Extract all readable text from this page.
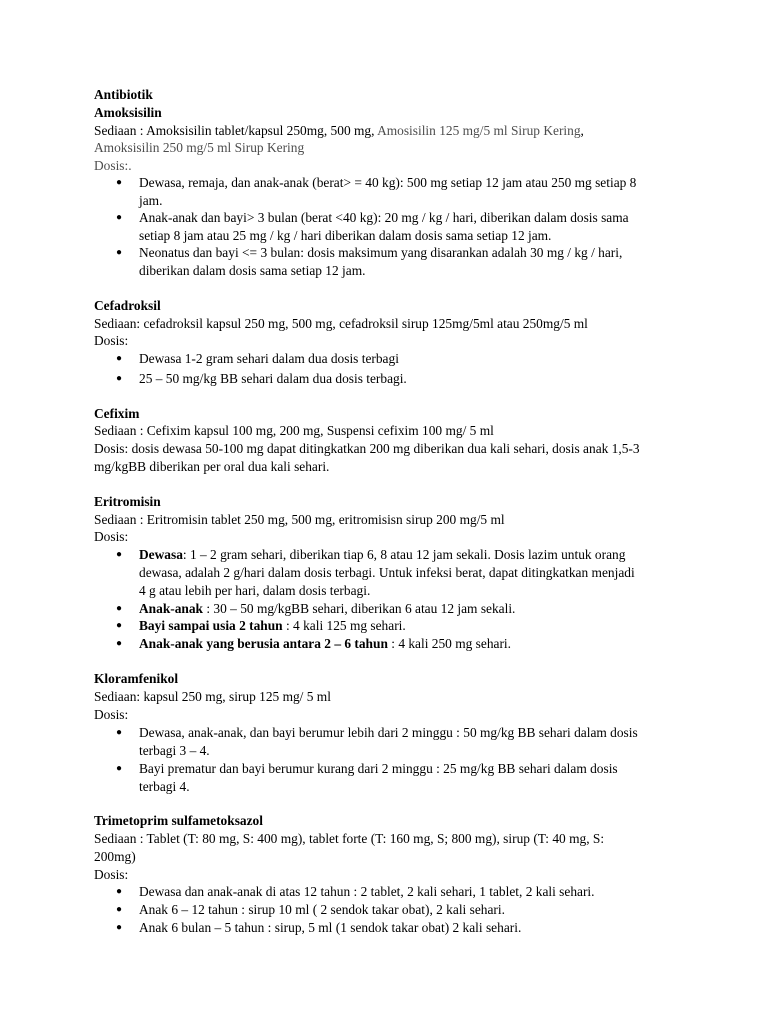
Antibiotik
Amoksisilin
Sediaan : Amoksisilin tablet/kapsul 250mg, 500 mg, Amosisilin 125 mg/5 ml Sirup Kering,
Amoksisilin 250 mg/5 ml Sirup Kering
Dosis:.
● Dewasa, remaja, dan anak-anak (berat> = 40 kg): 500 mg setiap 12 jam atau 250 mg setiap 8
jam.
● Anak-anak dan bayi> 3 bulan (berat <40 kg): 20 mg / kg / hari, diberikan dalam dosis sama
setiap 8 jam atau 25 mg / kg / hari diberikan dalam dosis sama setiap 12 jam.
● Neonatus dan bayi <= 3 bulan: dosis maksimum yang disarankan adalah 30 mg / kg / hari,
diberikan dalam dosis sama setiap 12 jam.
Cefadroksil
Sediaan: cefadroksil kapsul 250 mg, 500 mg, cefadroksil sirup 125mg/5ml atau 250mg/5 ml
Dosis:
● Dewasa 1-2 gram sehari dalam dua dosis terbagi
● 25 – 50 mg/kg BB sehari dalam dua dosis terbagi.
Cefixim
Sediaan : Cefixim kapsul 100 mg, 200 mg, Suspensi cefixim 100 mg/ 5 ml
Dosis: dosis dewasa 50-100 mg dapat ditingkatkan 200 mg diberikan dua kali sehari, dosis anak 1,5-3
mg/kgBB diberikan per oral dua kali sehari.
Eritromisin
Sediaan : Eritromisin tablet 250 mg, 500 mg, eritromisisn sirup 200 mg/5 ml
Dosis:
● Dewasa: 1 – 2 gram sehari, diberikan tiap 6, 8 atau 12 jam sekali. Dosis lazim untuk orang
dewasa, adalah 2 g/hari dalam dosis terbagi. Untuk infeksi berat, dapat ditingkatkan menjadi
4 g atau lebih per hari, dalam dosis terbagi.
● Anak-anak : 30 – 50 mg/kgBB sehari, diberikan 6 atau 12 jam sekali.
● Bayi sampai usia 2 tahun : 4 kali 125 mg sehari.
● Anak-anak yang berusia antara 2 – 6 tahun : 4 kali 250 mg sehari.
Kloramfenikol
Sediaan: kapsul 250 mg, sirup 125 mg/ 5 ml
Dosis:
● Dewasa, anak-anak, dan bayi berumur lebih dari 2 minggu : 50 mg/kg BB sehari dalam dosis
terbagi 3 – 4.
● Bayi prematur dan bayi berumur kurang dari 2 minggu : 25 mg/kg BB sehari dalam dosis
terbagi 4.
Trimetoprim sulfametoksazol
Sediaan : Tablet (T: 80 mg, S: 400 mg), tablet forte (T: 160 mg, S; 800 mg), sirup (T: 40 mg, S:
200mg)
Dosis:
● Dewasa dan anak-anak di atas 12 tahun : 2 tablet, 2 kali sehari, 1 tablet, 2 kali sehari.
● Anak 6 – 12 tahun : sirup 10 ml ( 2 sendok takar obat), 2 kali sehari.
● Anak 6 bulan – 5 tahun : sirup, 5 ml (1 sendok takar obat) 2 kali sehari.
